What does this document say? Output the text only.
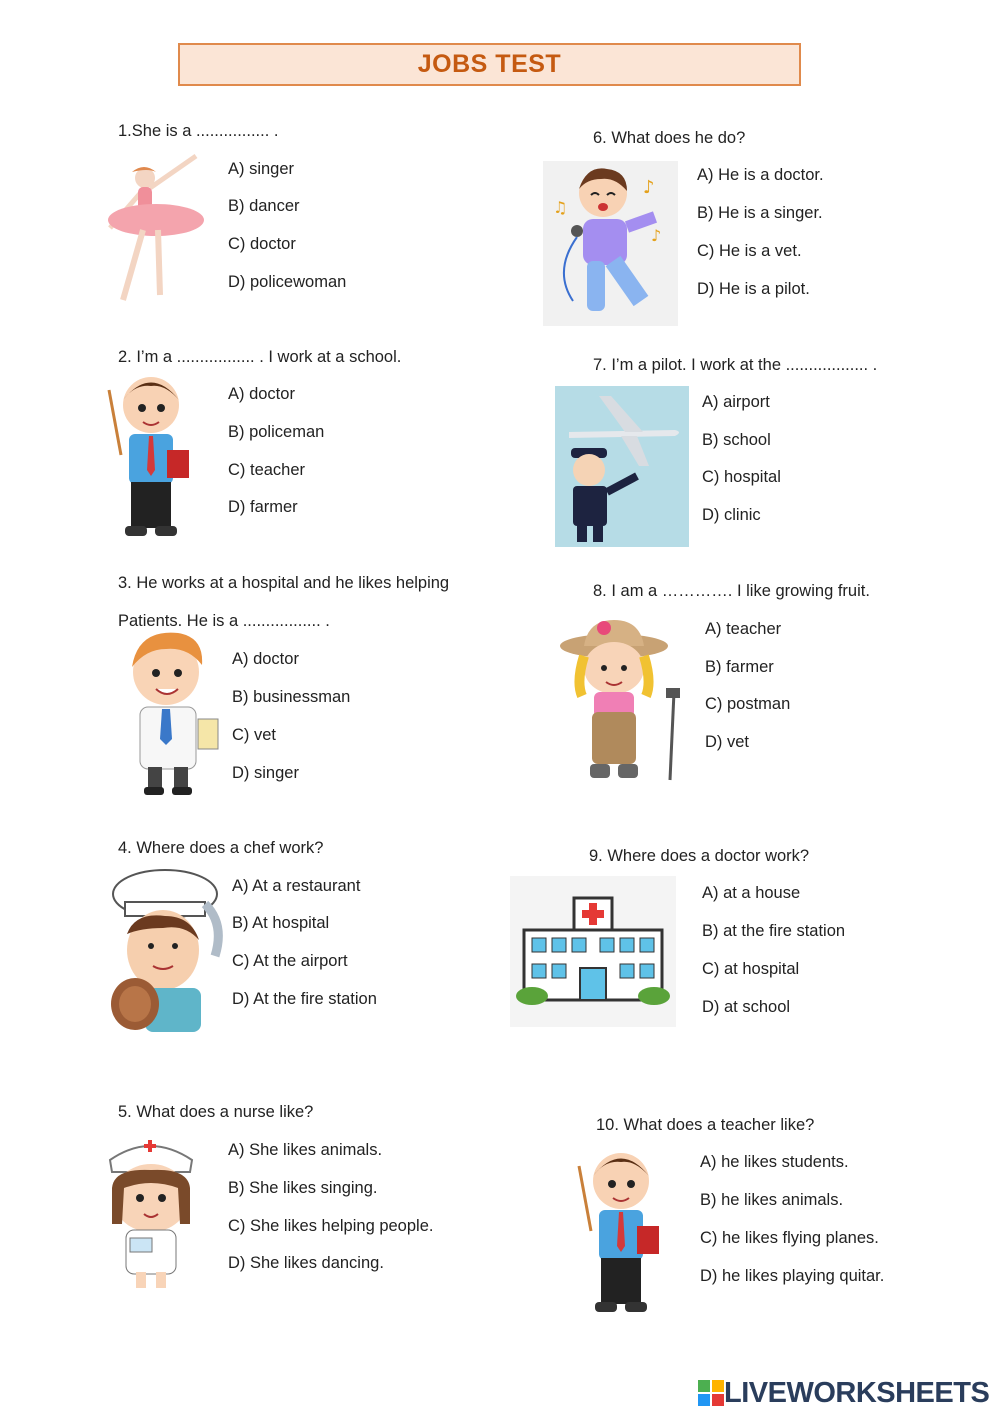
JOBS TEST
1.She is a ................ .
A) singer
B) dancer
C) doctor
D) policewoman
2. I’m a ................. . I work at a school.
A) doctor
B) policeman
C) teacher
D) farmer
3. He works at a hospital and he likes helping
Patients. He is a ................. .
A) doctor
B) businessman
C) vet
D) singer
4. Where does a chef work?
A) At a restaurant
B) At hospital
C) At the airport
D) At the fire station
5. What does a nurse like?
A) She likes animals.
B) She likes singing.
C) She likes helping people.
D) She likes dancing.
6. What does he do?
♪
♫
♪
A) He is a doctor.
B) He is a singer.
C) He is a vet.
D) He is a pilot.
7. I’m a pilot. I work at the .................. .
A) airport
B) school
C) hospital
D) clinic
8. I am a …………. I like growing fruit.
A) teacher
B) farmer
C) postman
D) vet
9. Where does a doctor work?
A) at a house
B) at the fire station
C) at hospital
D) at school
10. What does a teacher like?
A) he likes students.
B) he likes animals.
C) he likes flying planes.
D) he likes playing quitar.
LIVEWORKSHEETS
